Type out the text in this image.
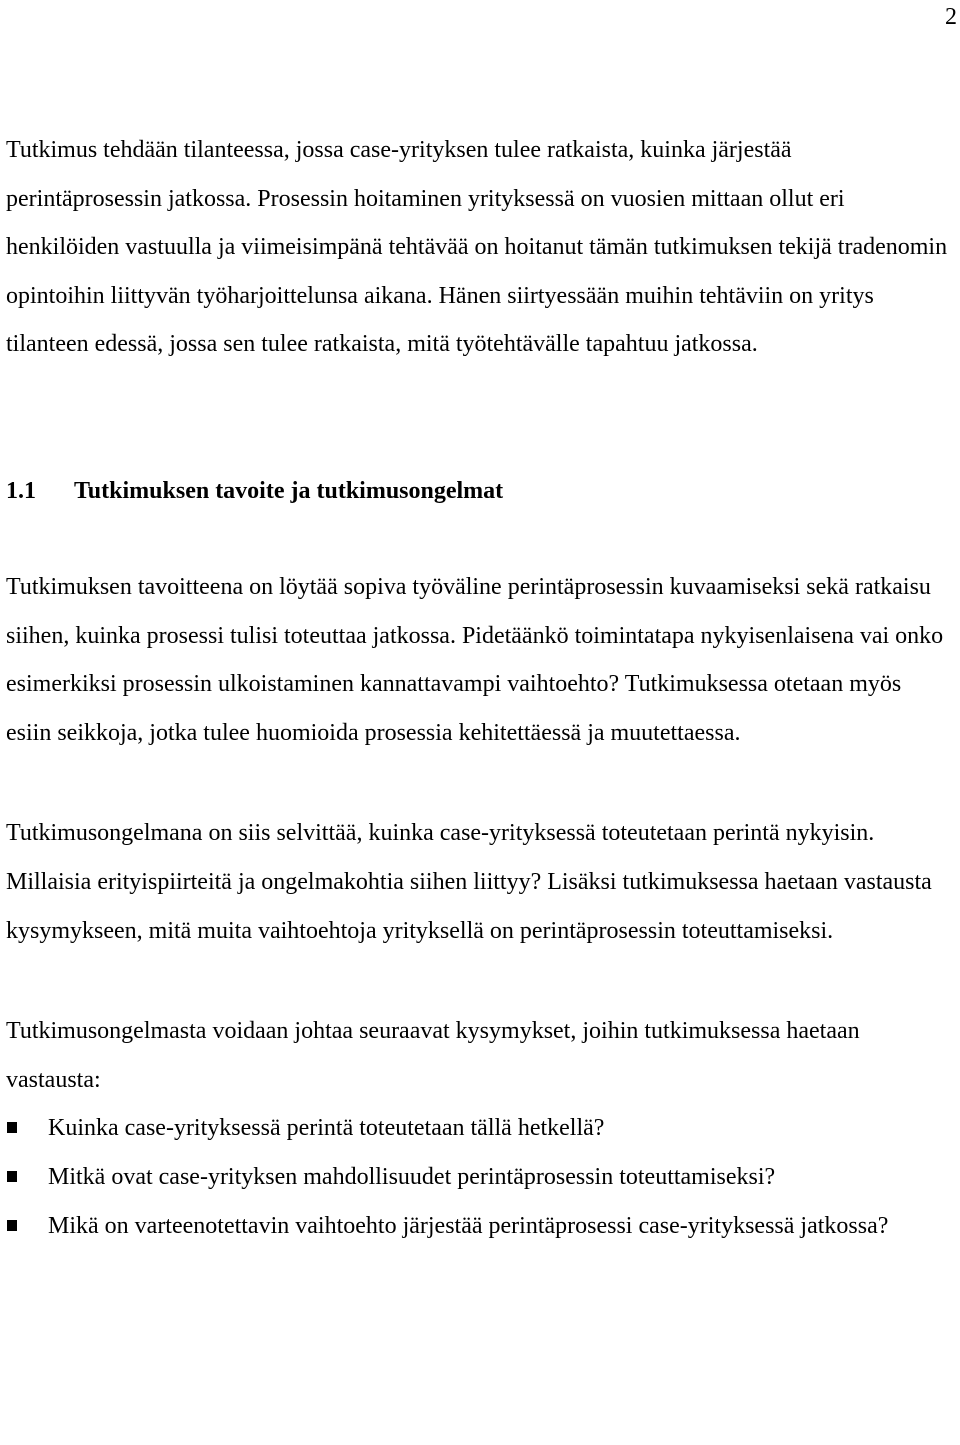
2

Tutkimus tehdään tilanteessa, jossa case-yrityksen tulee ratkaista, kuinka järjestää perintäprosessin jatkossa. Prosessin hoitaminen yrityksessä on vuosien mittaan ollut eri henkilöiden vastuulla ja viimeisimpänä tehtävää on hoitanut tämän tutkimuksen tekijä tradenomin opintoihin liittyvän työharjoittelunsa aikana. Hänen siirtyessään muihin tehtäviin on yritys tilanteen edessä, jossa sen tulee ratkaista, mitä työtehtävälle tapahtuu jatkossa.

1.1	Tutkimuksen tavoite ja tutkimusongelmat

Tutkimuksen tavoitteena on löytää sopiva työväline perintäprosessin kuvaamiseksi sekä ratkaisu siihen, kuinka prosessi tulisi toteuttaa jatkossa. Pidetäänkö toimintatapa nykyisenlaisena vai onko esimerkiksi prosessin ulkoistaminen kannattavampi vaihtoehto? Tutkimuksessa otetaan myös esiin seikkoja, jotka tulee huomioida prosessia kehitettäessä ja muutettaessa.

Tutkimusongelmana on siis selvittää, kuinka case-yrityksessä toteutetaan perintä nykyisin. Millaisia erityispiirteitä ja ongelmakohtia siihen liittyy? Lisäksi tutkimuksessa haetaan vastausta kysymykseen, mitä muita vaihtoehtoja yrityksellä on perintäprosessin toteuttamiseksi.

Tutkimusongelmasta voidaan johtaa seuraavat kysymykset, joihin tutkimuksessa haetaan vastausta:

Kuinka case-yrityksessä perintä toteutetaan tällä hetkellä?
Mitkä ovat case-yrityksen mahdollisuudet perintäprosessin toteuttamiseksi?
Mikä on varteenotettavin vaihtoehto järjestää perintäprosessi case-yrityksessä jatkossa?
